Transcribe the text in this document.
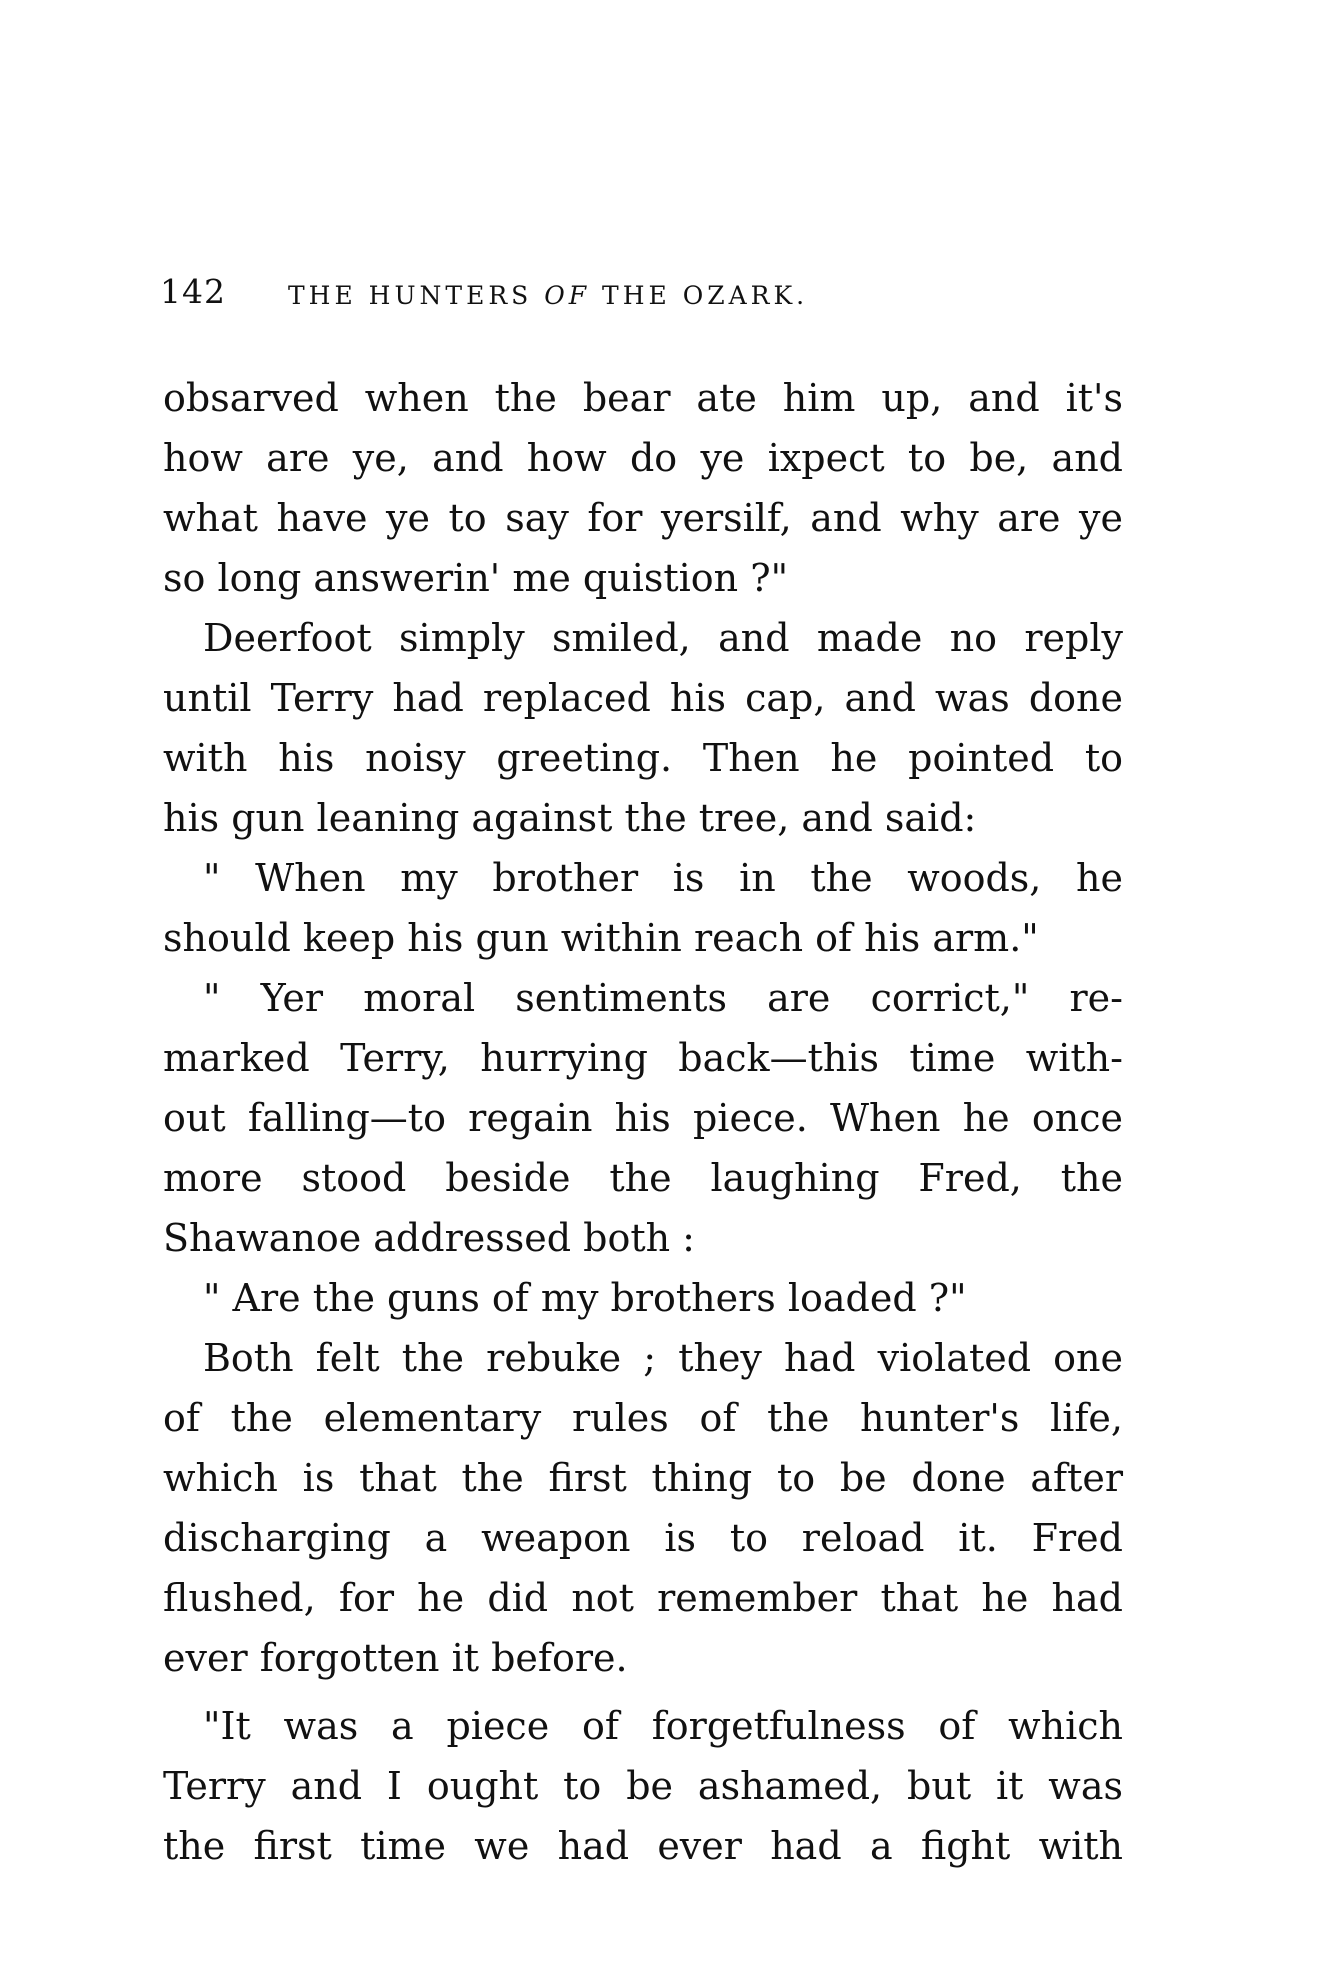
142 THE HUNTERS OF THE OZARK.
obsarved when the bear ate him up, and it's
how are ye, and how do ye ixpect to be, and
what have ye to say for yersilf, and why are ye
so long answerin' me quistion ?"
Deerfoot simply smiled, and made no reply
until Terry had replaced his cap, and was done
with his noisy greeting. Then he pointed to
his gun leaning against the tree, and said:
" When my brother is in the woods, he
should keep his gun within reach of his arm."
" Yer moral sentiments are corrict," re-
marked Terry, hurrying back—this time with-
out falling—to regain his piece. When he once
more stood beside the laughing Fred, the
Shawanoe addressed both :
" Are the guns of my brothers loaded ?"
Both felt the rebuke ; they had violated one
of the elementary rules of the hunter's life,
which is that the first thing to be done after
discharging a weapon is to reload it. Fred
flushed, for he did not remember that he had
ever forgotten it before.
"It was a piece of forgetfulness of which
Terry and I ought to be ashamed, but it was
the first time we had ever had a fight with
